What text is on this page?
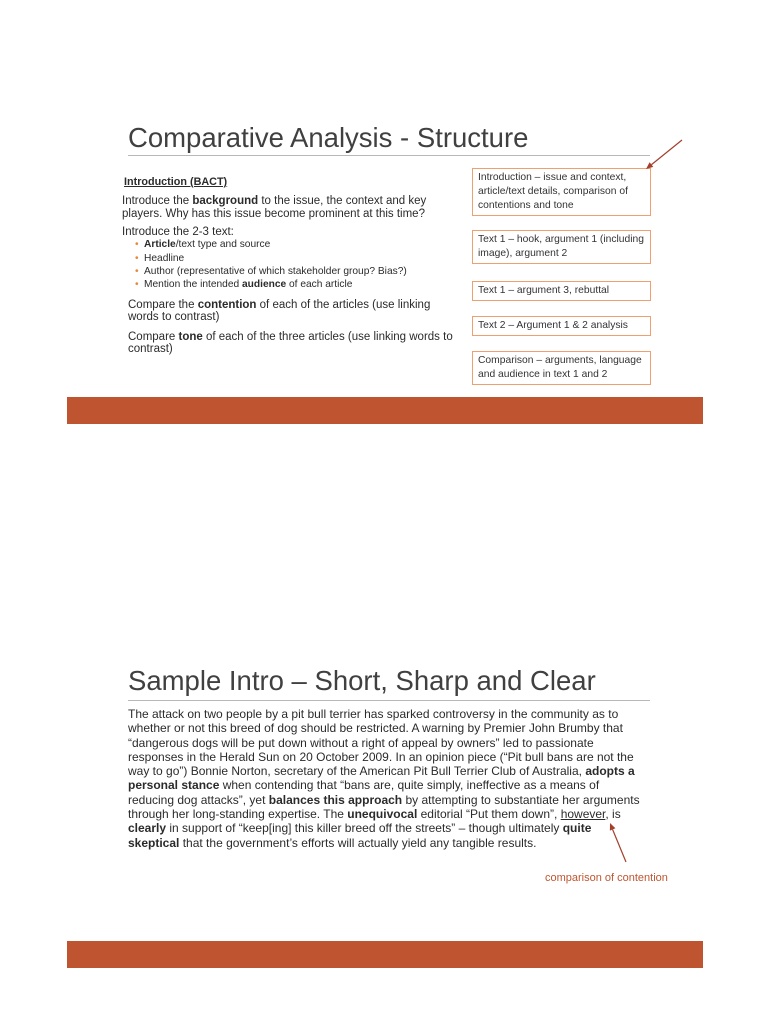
Comparative Analysis - Structure
Introduction (BACT)
Introduce the background to the issue, the context and key
players. Why has this issue become prominent at this time?
Introduce the 2-3 text:
• Article/text type and source
• Headline
• Author (representative of which stakeholder group? Bias?)
• Mention the intended audience of each article
Compare the contention of each of the articles (use linking
words to contrast)
Compare tone of each of the three articles (use linking words to
contrast)
Introduction – issue and context,
article/text details, comparison of
contentions and tone
Text 1 – hook, argument 1 (including
image), argument 2
Text 1 – argument 3, rebuttal
Text 2 – Argument 1 & 2 analysis
Comparison – arguments, language
and audience in text 1 and 2
Sample Intro – Short, Sharp and Clear
The attack on two people by a pit bull terrier has sparked controversy in the community as to
whether or not this breed of dog should be restricted. A warning by Premier John Brumby that
“dangerous dogs will be put down without a right of appeal by owners” led to passionate
responses in the Herald Sun on 20 October 2009. In an opinion piece (“Pit bull bans are not the
way to go”) Bonnie Norton, secretary of the American Pit Bull Terrier Club of Australia, adopts a
personal stance when contending that “bans are, quite simply, ineffective as a means of
reducing dog attacks”, yet balances this approach by attempting to substantiate her arguments
through her long-standing expertise. The unequivocal editorial “Put them down”, however, is
clearly in support of “keep[ing] this killer breed off the streets” – though ultimately quite
skeptical that the government’s efforts will actually yield any tangible results.
comparison of contention
